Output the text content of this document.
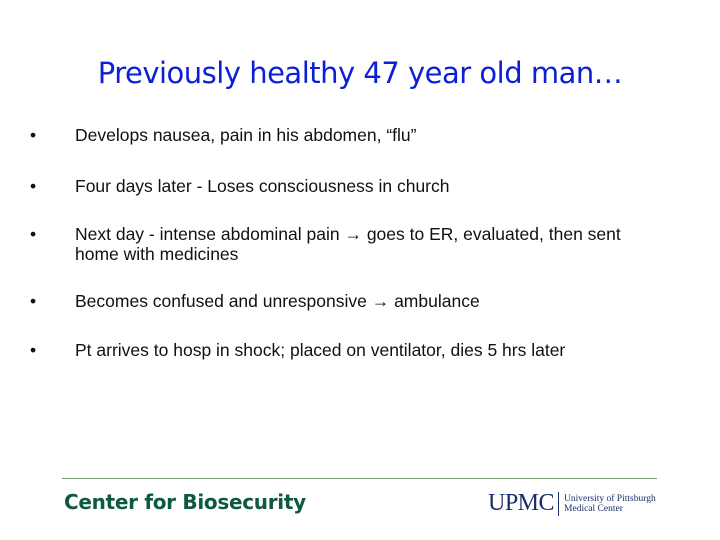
Previously healthy 47 year old man…
•	Develops nausea, pain in his abdomen, “flu”
•	Four days later - Loses consciousness in church
•	Next day - intense abdominal pain → goes to ER, evaluated, then sent home with medicines
•	Becomes confused and unresponsive → ambulance
•	Pt arrives to hosp in shock; placed on ventilator, dies 5 hrs later
Center for Biosecurity	UPMC University of Pittsburgh
Medical Center
